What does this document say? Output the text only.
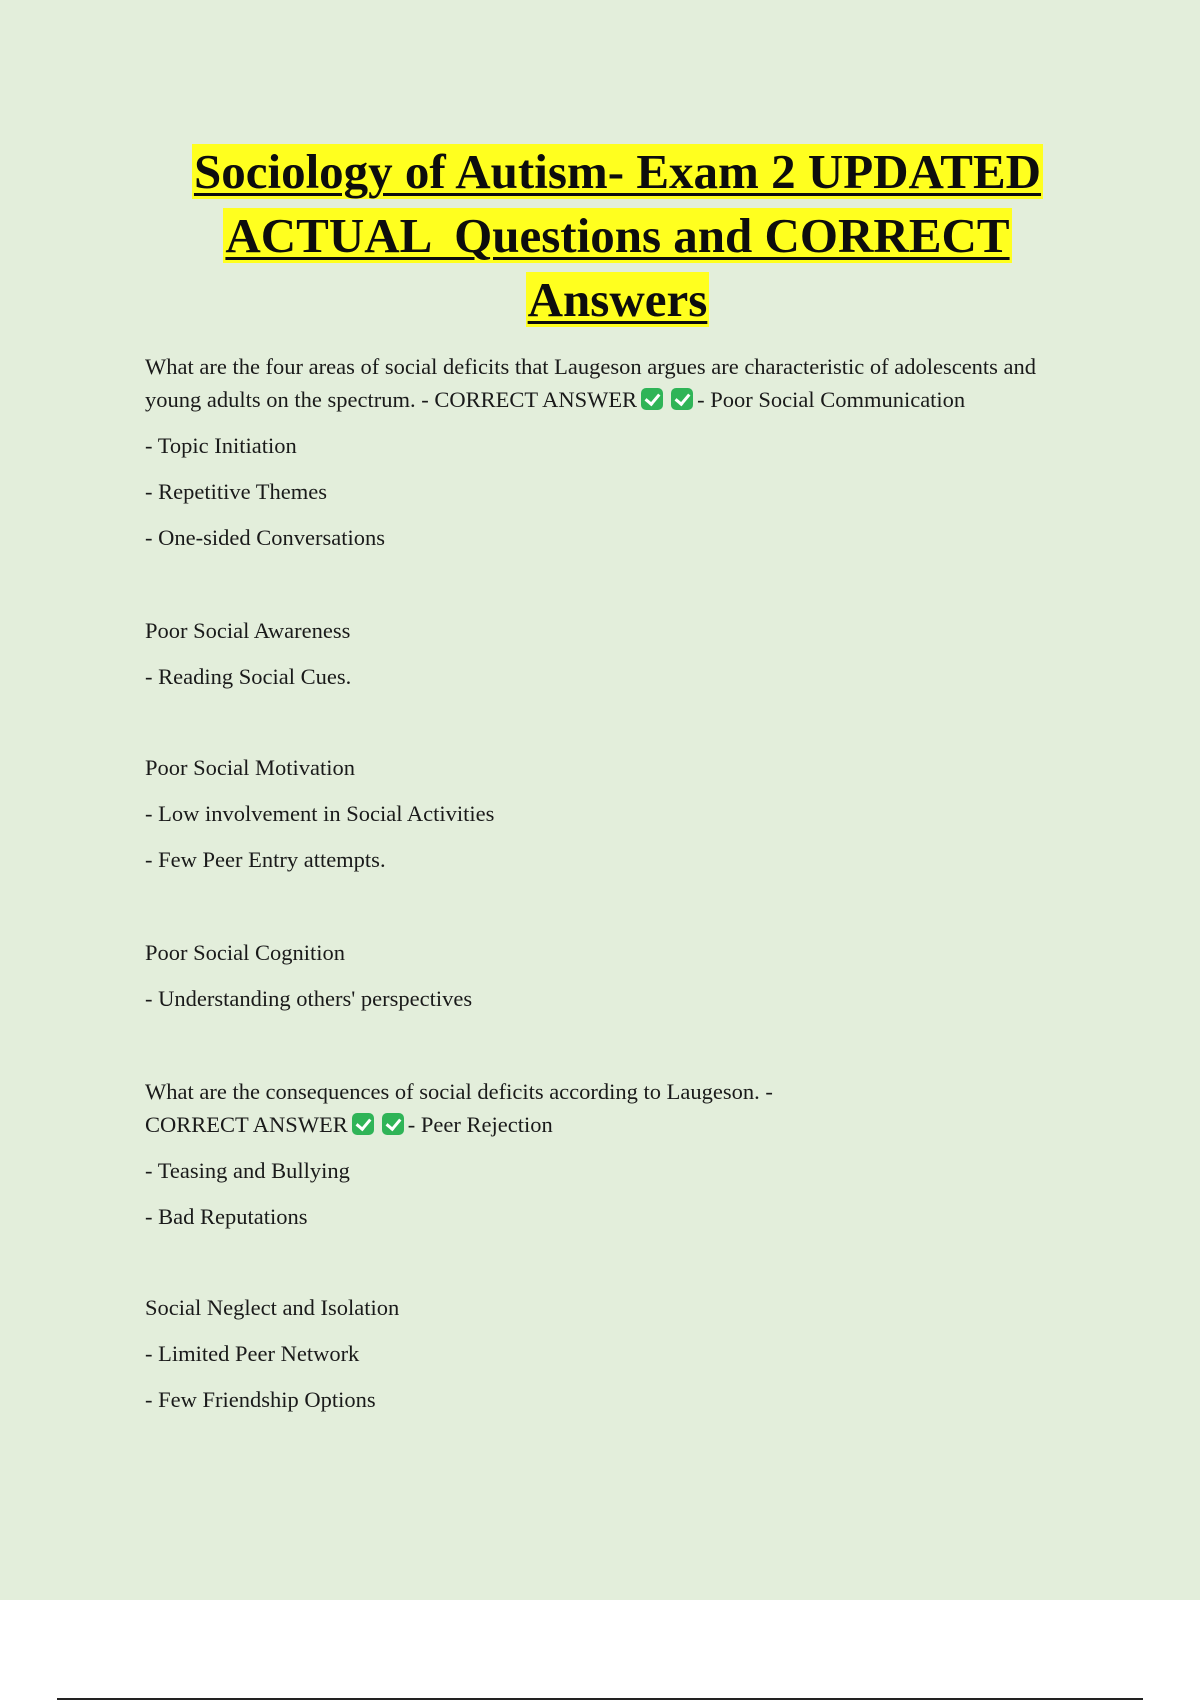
Sociology of Autism- Exam 2 UPDATED
ACTUAL  Questions and CORRECT
Answers

What are the four areas of social deficits that Laugeson argues are characteristic of adolescents and young adults on the spectrum. - CORRECT ANSWER	- Poor Social Communication

- Topic Initiation

- Repetitive Themes

- One-sided Conversations

Poor Social Awareness

- Reading Social Cues.

Poor Social Motivation

- Low involvement in Social Activities

- Few Peer Entry attempts.

Poor Social Cognition

- Understanding others' perspectives

What are the consequences of social deficits according to Laugeson. - CORRECT ANSWER	- Peer Rejection

- Teasing and Bullying

- Bad Reputations

Social Neglect and Isolation

- Limited Peer Network

- Few Friendship Options
